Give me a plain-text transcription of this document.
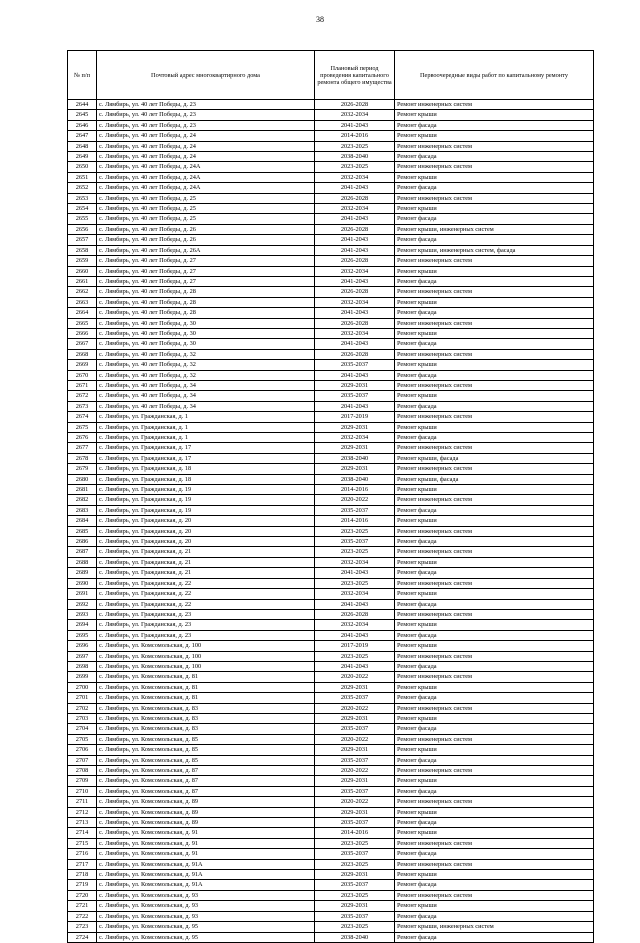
38
№ п/п	Почтовый адрес многоквартирного дома	Плановый период проведения капитального ремонта общего имущества	Первоочередные виды работ по капитальному ремонту
2644	с. Лямбирь, ул. 40 лет Победы, д. 23	2026-2028	Ремонт инженерных систем
2645	с. Лямбирь, ул. 40 лет Победы, д. 23	2032-2034	Ремонт крыши
2646	с. Лямбирь, ул. 40 лет Победы, д. 23	2041-2043	Ремонт фасада
2647	с. Лямбирь, ул. 40 лет Победы, д. 24	2014-2016	Ремонт крыши
2648	с. Лямбирь, ул. 40 лет Победы, д. 24	2023-2025	Ремонт инженерных систем
2649	с. Лямбирь, ул. 40 лет Победы, д. 24	2038-2040	Ремонт фасада
2650	с. Лямбирь, ул. 40 лет Победы, д. 24А	2023-2025	Ремонт инженерных систем
2651	с. Лямбирь, ул. 40 лет Победы, д. 24А	2032-2034	Ремонт крыши
2652	с. Лямбирь, ул. 40 лет Победы, д. 24А	2041-2043	Ремонт фасада
2653	с. Лямбирь, ул. 40 лет Победы, д. 25	2026-2028	Ремонт инженерных систем
2654	с. Лямбирь, ул. 40 лет Победы, д. 25	2032-2034	Ремонт крыши
2655	с. Лямбирь, ул. 40 лет Победы, д. 25	2041-2043	Ремонт фасада
2656	с. Лямбирь, ул. 40 лет Победы, д. 26	2026-2028	Ремонт крыши, инженерных систем
2657	с. Лямбирь, ул. 40 лет Победы, д. 26	2041-2043	Ремонт фасада
2658	с. Лямбирь, ул. 40 лет Победы, д. 26А	2041-2043	Ремонт крыши, инженерных систем, фасада
2659	с. Лямбирь, ул. 40 лет Победы, д. 27	2026-2028	Ремонт инженерных систем
2660	с. Лямбирь, ул. 40 лет Победы, д. 27	2032-2034	Ремонт крыши
2661	с. Лямбирь, ул. 40 лет Победы, д. 27	2041-2043	Ремонт фасада
2662	с. Лямбирь, ул. 40 лет Победы, д. 28	2026-2028	Ремонт инженерных систем
2663	с. Лямбирь, ул. 40 лет Победы, д. 28	2032-2034	Ремонт крыши
2664	с. Лямбирь, ул. 40 лет Победы, д. 28	2041-2043	Ремонт фасада
2665	с. Лямбирь, ул. 40 лет Победы, д. 30	2026-2028	Ремонт инженерных систем
2666	с. Лямбирь, ул. 40 лет Победы, д. 30	2032-2034	Ремонт крыши
2667	с. Лямбирь, ул. 40 лет Победы, д. 30	2041-2043	Ремонт фасада
2668	с. Лямбирь, ул. 40 лет Победы, д. 32	2026-2028	Ремонт инженерных систем
2669	с. Лямбирь, ул. 40 лет Победы, д. 32	2035-2037	Ремонт крыши
2670	с. Лямбирь, ул. 40 лет Победы, д. 32	2041-2043	Ремонт фасада
2671	с. Лямбирь, ул. 40 лет Победы, д. 34	2029-2031	Ремонт инженерных систем
2672	с. Лямбирь, ул. 40 лет Победы, д. 34	2035-2037	Ремонт крыши
2673	с. Лямбирь, ул. 40 лет Победы, д. 34	2041-2043	Ремонт фасада
2674	с. Лямбирь, ул. Гражданская, д. 1	2017-2019	Ремонт инженерных систем
2675	с. Лямбирь, ул. Гражданская, д. 1	2029-2031	Ремонт крыши
2676	с. Лямбирь, ул. Гражданская, д. 1	2032-2034	Ремонт фасада
2677	с. Лямбирь, ул. Гражданская, д. 17	2029-2031	Ремонт инженерных систем
2678	с. Лямбирь, ул. Гражданская, д. 17	2038-2040	Ремонт крыши, фасада
2679	с. Лямбирь, ул. Гражданская, д. 18	2029-2031	Ремонт инженерных систем
2680	с. Лямбирь, ул. Гражданская, д. 18	2038-2040	Ремонт крыши, фасада
2681	с. Лямбирь, ул. Гражданская, д. 19	2014-2016	Ремонт крыши
2682	с. Лямбирь, ул. Гражданская, д. 19	2020-2022	Ремонт инженерных систем
2683	с. Лямбирь, ул. Гражданская, д. 19	2035-2037	Ремонт фасада
2684	с. Лямбирь, ул. Гражданская, д. 20	2014-2016	Ремонт крыши
2685	с. Лямбирь, ул. Гражданская, д. 20	2023-2025	Ремонт инженерных систем
2686	с. Лямбирь, ул. Гражданская, д. 20	2035-2037	Ремонт фасада
2687	с. Лямбирь, ул. Гражданская, д. 21	2023-2025	Ремонт инженерных систем
2688	с. Лямбирь, ул. Гражданская, д. 21	2032-2034	Ремонт крыши
2689	с. Лямбирь, ул. Гражданская, д. 21	2041-2043	Ремонт фасада
2690	с. Лямбирь, ул. Гражданская, д. 22	2023-2025	Ремонт инженерных систем
2691	с. Лямбирь, ул. Гражданская, д. 22	2032-2034	Ремонт крыши
2692	с. Лямбирь, ул. Гражданская, д. 22	2041-2043	Ремонт фасада
2693	с. Лямбирь, ул. Гражданская, д. 23	2026-2028	Ремонт инженерных систем
2694	с. Лямбирь, ул. Гражданская, д. 23	2032-2034	Ремонт крыши
2695	с. Лямбирь, ул. Гражданская, д. 23	2041-2043	Ремонт фасада
2696	с. Лямбирь, ул. Комсомольская, д. 100	2017-2019	Ремонт крыши
2697	с. Лямбирь, ул. Комсомольская, д. 100	2023-2025	Ремонт инженерных систем
2698	с. Лямбирь, ул. Комсомольская, д. 100	2041-2043	Ремонт фасада
2699	с. Лямбирь, ул. Комсомольская, д. 81	2020-2022	Ремонт инженерных систем
2700	с. Лямбирь, ул. Комсомольская, д. 81	2029-2031	Ремонт крыши
2701	с. Лямбирь, ул. Комсомольская, д. 81	2035-2037	Ремонт фасада
2702	с. Лямбирь, ул. Комсомольская, д. 83	2020-2022	Ремонт инженерных систем
2703	с. Лямбирь, ул. Комсомольская, д. 83	2029-2031	Ремонт крыши
2704	с. Лямбирь, ул. Комсомольская, д. 83	2035-2037	Ремонт фасада
2705	с. Лямбирь, ул. Комсомольская, д. 85	2020-2022	Ремонт инженерных систем
2706	с. Лямбирь, ул. Комсомольская, д. 85	2029-2031	Ремонт крыши
2707	с. Лямбирь, ул. Комсомольская, д. 85	2035-2037	Ремонт фасада
2708	с. Лямбирь, ул. Комсомольская, д. 87	2020-2022	Ремонт инженерных систем
2709	с. Лямбирь, ул. Комсомольская, д. 87	2029-2031	Ремонт крыши
2710	с. Лямбирь, ул. Комсомольская, д. 87	2035-2037	Ремонт фасада
2711	с. Лямбирь, ул. Комсомольская, д. 89	2020-2022	Ремонт инженерных систем
2712	с. Лямбирь, ул. Комсомольская, д. 89	2029-2031	Ремонт крыши
2713	с. Лямбирь, ул. Комсомольская, д. 89	2035-2037	Ремонт фасада
2714	с. Лямбирь, ул. Комсомольская, д. 91	2014-2016	Ремонт крыши
2715	с. Лямбирь, ул. Комсомольская, д. 91	2023-2025	Ремонт инженерных систем
2716	с. Лямбирь, ул. Комсомольская, д. 91	2035-2037	Ремонт фасада
2717	с. Лямбирь, ул. Комсомольская, д. 91А	2023-2025	Ремонт инженерных систем
2718	с. Лямбирь, ул. Комсомольская, д. 91А	2029-2031	Ремонт крыши
2719	с. Лямбирь, ул. Комсомольская, д. 91А	2035-2037	Ремонт фасада
2720	с. Лямбирь, ул. Комсомольская, д. 93	2023-2025	Ремонт инженерных систем
2721	с. Лямбирь, ул. Комсомольская, д. 93	2029-2031	Ремонт крыши
2722	с. Лямбирь, ул. Комсомольская, д. 93	2035-2037	Ремонт фасада
2723	с. Лямбирь, ул. Комсомольская, д. 95	2023-2025	Ремонт крыши, инженерных систем
2724	с. Лямбирь, ул. Комсомольская, д. 95	2038-2040	Ремонт фасада
